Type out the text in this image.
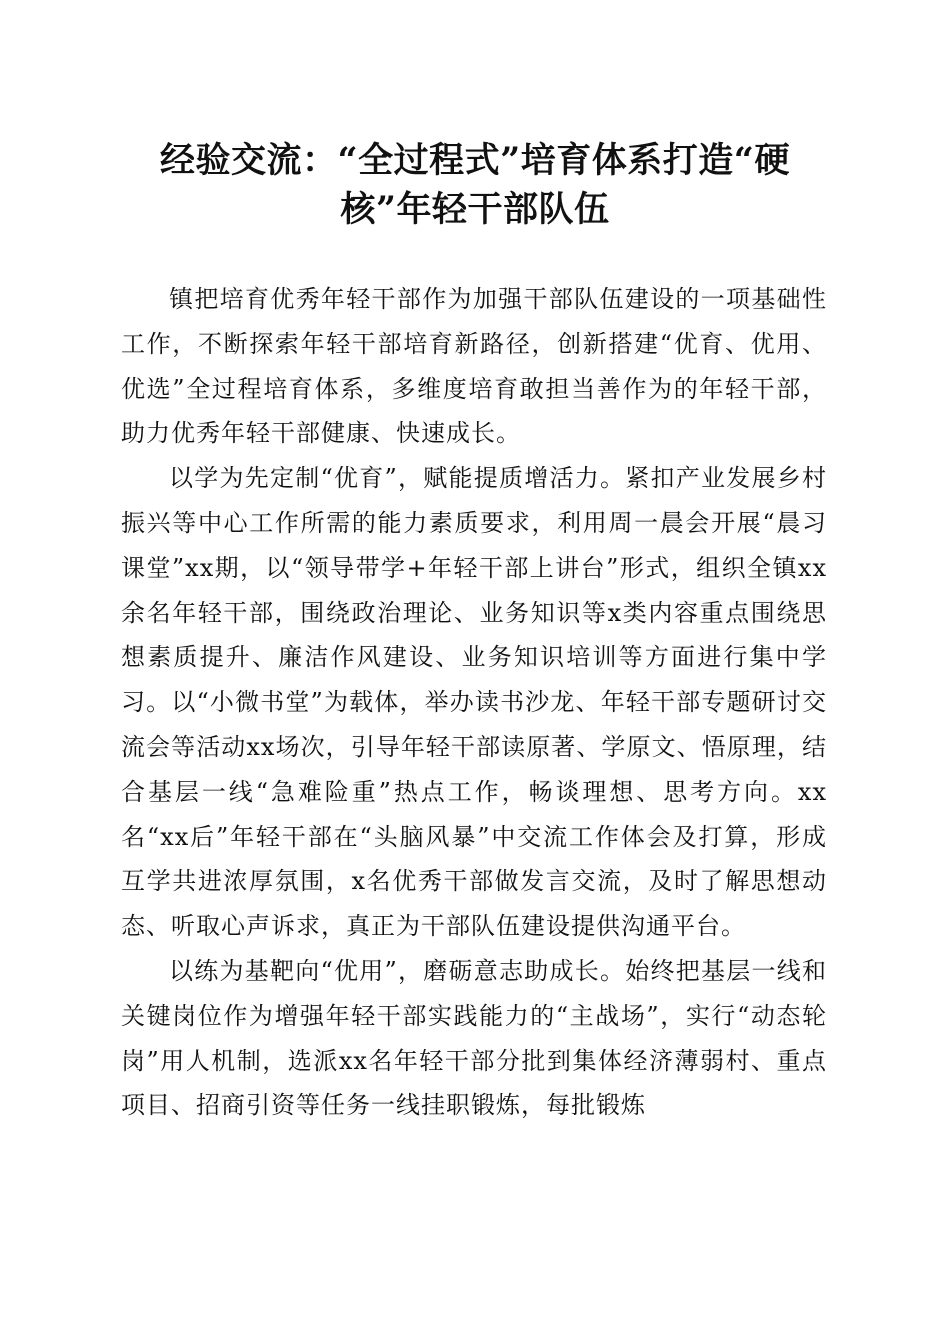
经验交流：“全过程式”培育体系打造“硬
核”年轻干部队伍

镇把培育优秀年轻干部作为加强干部队伍建设的一项基础性工作，不断探索年轻干部培育新路径，创新搭建“优育、优用、优选”全过程培育体系，多维度培育敢担当善作为的年轻干部，助力优秀年轻干部健康、快速成长。

以学为先定制“优育”，赋能提质增活力。紧扣产业发展乡村振兴等中心工作所需的能力素质要求，利用周一晨会开展“晨习课堂”xx期，以“领导带学+年轻干部上讲台”形式，组织全镇xx余名年轻干部，围绕政治理论、业务知识等x类内容重点围绕思想素质提升、廉洁作风建设、业务知识培训等方面进行集中学习。以“小微书堂”为载体，举办读书沙龙、年轻干部专题研讨交流会等活动xx场次，引导年轻干部读原著、学原文、悟原理，结合基层一线“急难险重”热点工作，畅谈理想、思考方向。xx名“xx后”年轻干部在“头脑风暴”中交流工作体会及打算，形成互学共进浓厚氛围，x名优秀干部做发言交流，及时了解思想动态、听取心声诉求，真正为干部队伍建设提供沟通平台。

以练为基靶向“优用”，磨砺意志助成长。始终把基层一线和关键岗位作为增强年轻干部实践能力的“主战场”，实行“动态轮岗”用人机制，选派xx名年轻干部分批到集体经济薄弱村、重点项目、招商引资等任务一线挂职锻炼，每批锻炼
